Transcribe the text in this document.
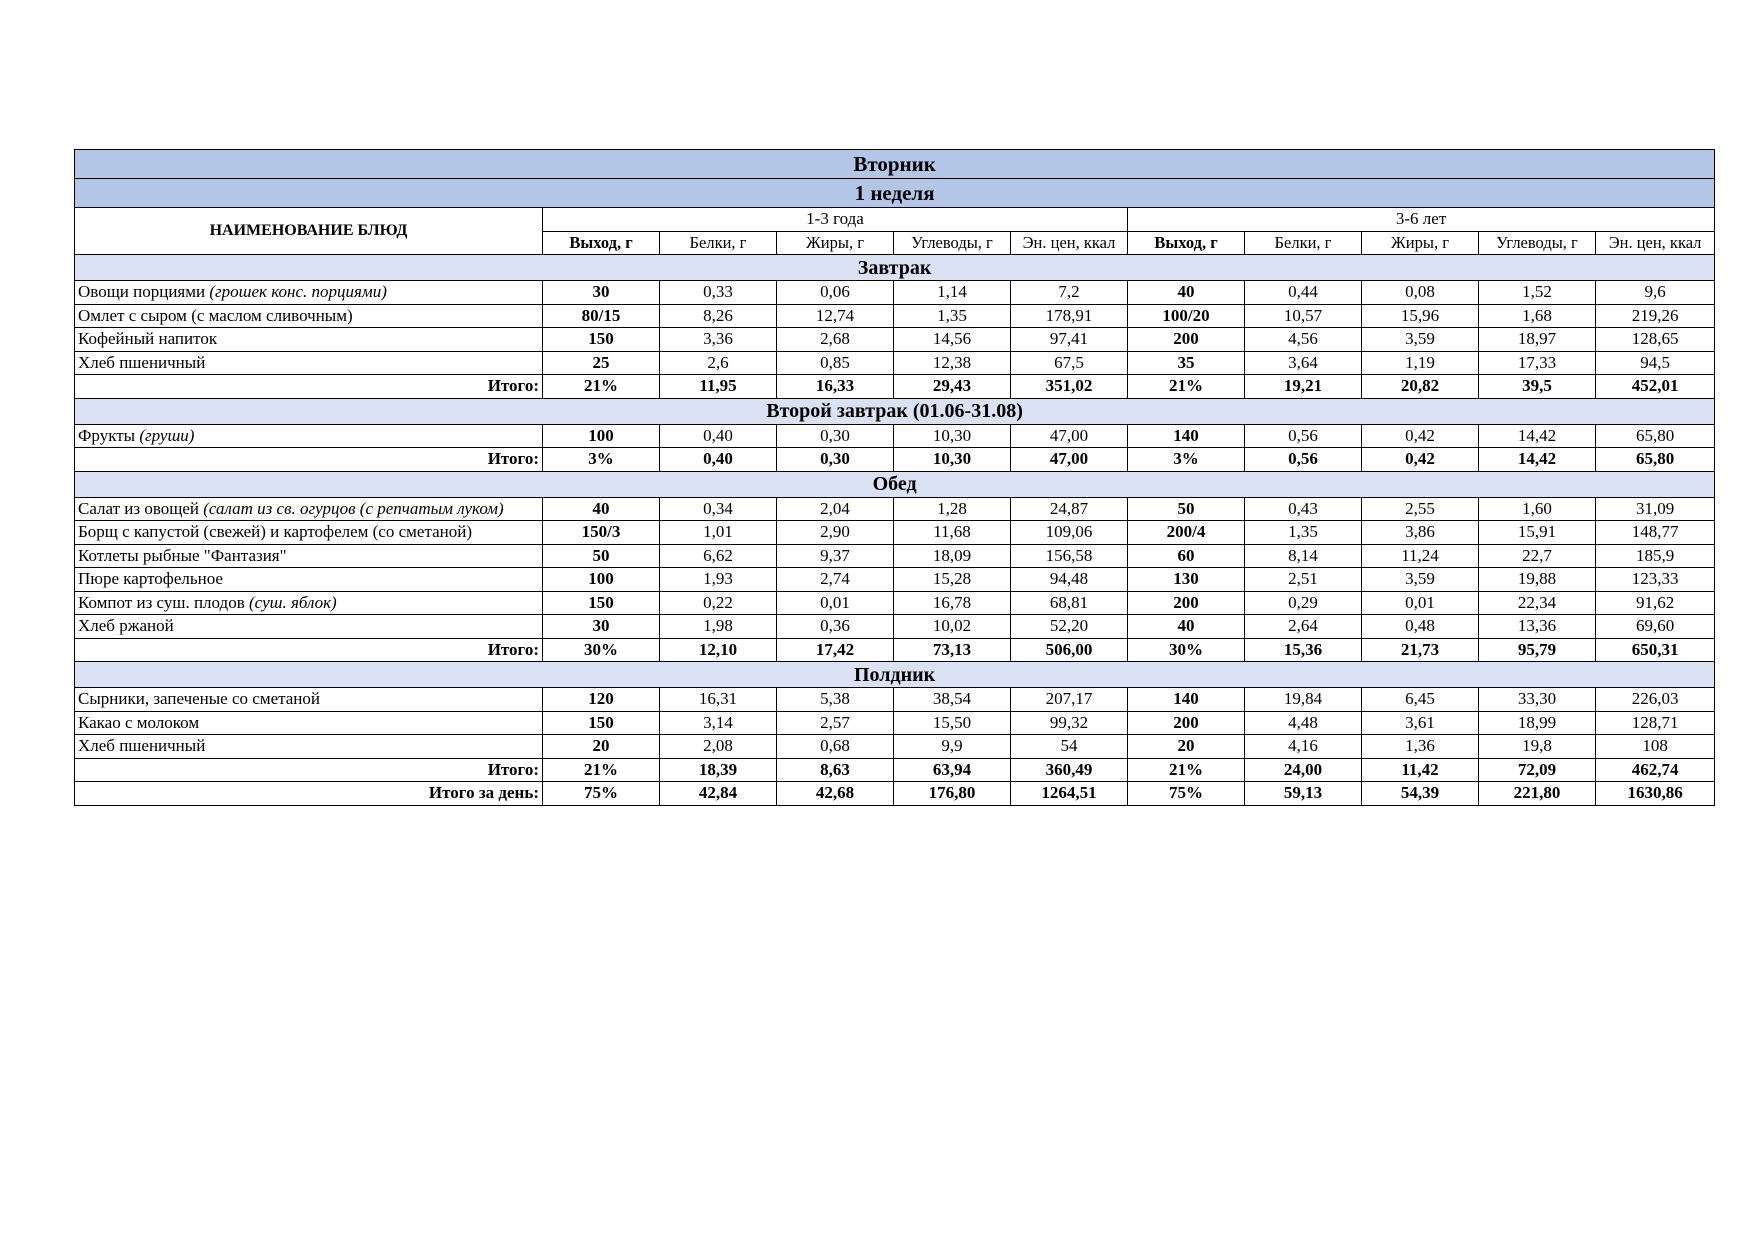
Вторник										
1 неделя										
НАИМЕНОВАНИЕ БЛЮД	1-3 года					3-6 лет				
	Выход, г	Белки, г	Жиры, г	Углеводы, г	Эн. цен, ккал	Выход, г	Белки, г	Жиры, г	Углеводы, г	Эн. цен, ккал
Завтрак										
Овощи порциями (грошек конс. порциями)	30	0,33	0,06	1,14	7,2	40	0,44	0,08	1,52	9,6
Омлет с сыром (с маслом сливочным)	80/15	8,26	12,74	1,35	178,91	100/20	10,57	15,96	1,68	219,26
Кофейный напиток	150	3,36	2,68	14,56	97,41	200	4,56	3,59	18,97	128,65
Хлеб пшеничный	25	2,6	0,85	12,38	67,5	35	3,64	1,19	17,33	94,5
Итого:	21%	11,95	16,33	29,43	351,02	21%	19,21	20,82	39,5	452,01
Второй завтрак (01.06-31.08)										
Фрукты (груши)	100	0,40	0,30	10,30	47,00	140	0,56	0,42	14,42	65,80
Итого:	3%	0,40	0,30	10,30	47,00	3%	0,56	0,42	14,42	65,80
Обед										
Салат из овощей (салат из св. огурцов (с репчатым луком)	40	0,34	2,04	1,28	24,87	50	0,43	2,55	1,60	31,09
Борщ с капустой (свежей) и картофелем (со сметаной)	150/3	1,01	2,90	11,68	109,06	200/4	1,35	3,86	15,91	148,77
Котлеты рыбные "Фантазия"	50	6,62	9,37	18,09	156,58	60	8,14	11,24	22,7	185,9
Пюре картофельное	100	1,93	2,74	15,28	94,48	130	2,51	3,59	19,88	123,33
Компот из суш. плодов (суш. яблок)	150	0,22	0,01	16,78	68,81	200	0,29	0,01	22,34	91,62
Хлеб ржаной	30	1,98	0,36	10,02	52,20	40	2,64	0,48	13,36	69,60
Итого:	30%	12,10	17,42	73,13	506,00	30%	15,36	21,73	95,79	650,31
Полдник										
Сырники, запеченые со сметаной	120	16,31	5,38	38,54	207,17	140	19,84	6,45	33,30	226,03
Какао с молоком	150	3,14	2,57	15,50	99,32	200	4,48	3,61	18,99	128,71
Хлеб пшеничный	20	2,08	0,68	9,9	54	20	4,16	1,36	19,8	108
Итого:	21%	18,39	8,63	63,94	360,49	21%	24,00	11,42	72,09	462,74
Итого за день:	75%	42,84	42,68	176,80	1264,51	75%	59,13	54,39	221,80	1630,86
